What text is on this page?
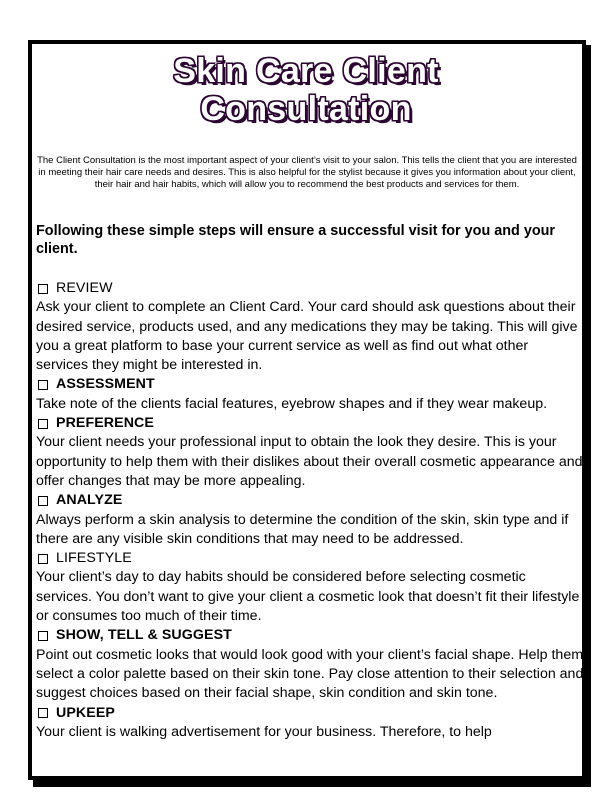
Skin Care Client
Consultation
The Client Consultation is the most important aspect of your client’s visit to your salon. This tells the client that you are interested in meeting their hair care needs and desires. This is also helpful for the stylist because it gives you information about your client, their hair and hair habits, which will allow you to recommend the best products and services for them.
Following these simple steps will ensure a successful visit for you and your client.
REVIEW

Ask your client to complete an Client Card. Your card should ask questions about their desired service, products used, and any medications they may be taking. This will give you a great platform to base your current service as well as find out what other services they might be interested in.

ASSESSMENT

Take note of the clients facial features, eyebrow shapes and if they wear makeup.

PREFERENCE

Your client needs your professional input to obtain the look they desire. This is your opportunity to help them with their dislikes about their overall cosmetic appearance and offer changes that may be more appealing.

ANALYZE

Always perform a skin analysis to determine the condition of the skin, skin type and if there are any visible skin conditions that may need to be addressed.

LIFESTYLE

Your client’s day to day habits should be considered before selecting cosmetic services. You don’t want to give your client a cosmetic look that doesn’t fit their lifestyle or consumes too much of their time.

SHOW, TELL & SUGGEST

Point out cosmetic looks that would look good with your client’s facial shape. Help them select a color palette based on their skin tone. Pay close attention to their selection and suggest choices based on their facial shape, skin condition and skin tone.

UPKEEP

Your client is walking advertisement for your business. Therefore, to help
